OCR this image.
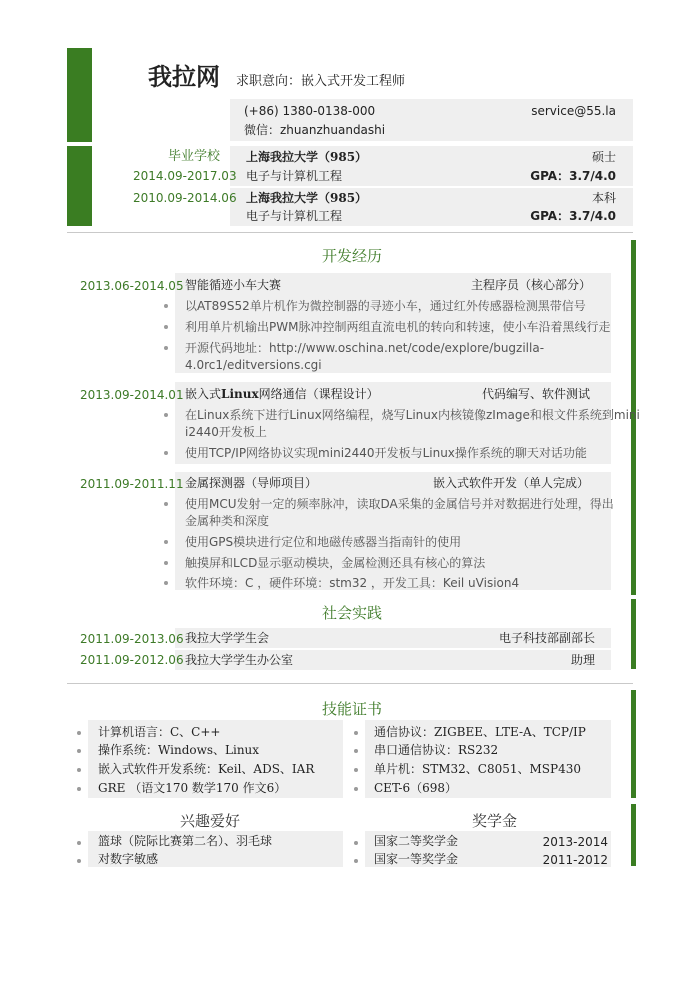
我拉网 求职意向：嵌入式开发工程师
(+86) 1380-0138-000	service@55.la
微信：zhuanzhuandashi
毕业学校
2014.09-2017.03
上海我拉大学（985）	硕士
电子与计算机工程	GPA：3.7/4.0
2010.09-2014.06 上海我拉大学（985）	本科
电子与计算机工程	GPA：3.7/4.0
开发经历
2013.06-2014.05 智能循迹小车大赛	主程序员（核心部分）
以AT89S52单片机作为微控制器的寻迹小车，通过红外传感器检测黑带信号
利用单片机输出PWM脉冲控制两组直流电机的转向和转速，使小车沿着黑线行走
开源代码地址：http://www.oschina.net/code/explore/bugzilla-
4.0rc1/editversions.cgi
2013.09-2014.01 嵌入式Linux网络通信（课程设计）	代码编写、软件测试
在Linux系统下进行Linux网络编程，烧写Linux内核镜像zImage和根文件系统到mini
i2440开发板上
使用TCP/IP网络协议实现mini2440开发板与Linux操作系统的聊天对话功能
2011.09-2011.11 金属探测器（导师项目）	嵌入式软件开发（单人完成）
使用MCU发射一定的频率脉冲，读取DA采集的金属信号并对数据进行处理，得出
金属种类和深度
使用GPS模块进行定位和地磁传感器当指南针的使用
触摸屏和LCD显示驱动模块，金属检测还具有核心的算法
软件环境：C ，硬件环境：stm32 ，开发工具：Keil uVision4
社会实践
2011.09-2013.06 我拉大学学生会	电子科技部副部长
2011.09-2012.06 我拉大学学生办公室	助理
技能证书
计算机语言：C、C++
操作系统：Windows、Linux
嵌入式软件开发系统：Keil、ADS、IAR
GRE （语文170 数学170 作文6）
通信协议：ZIGBEE、LTE-A、TCP/IP
串口通信协议：RS232
单片机：STM32、C8051、MSP430
CET-6（698）
兴趣爱好	奖学金
篮球（院际比赛第二名）、羽毛球
对数字敏感
国家二等奖学金	2013-2014
国家一等奖学金	2011-2012
